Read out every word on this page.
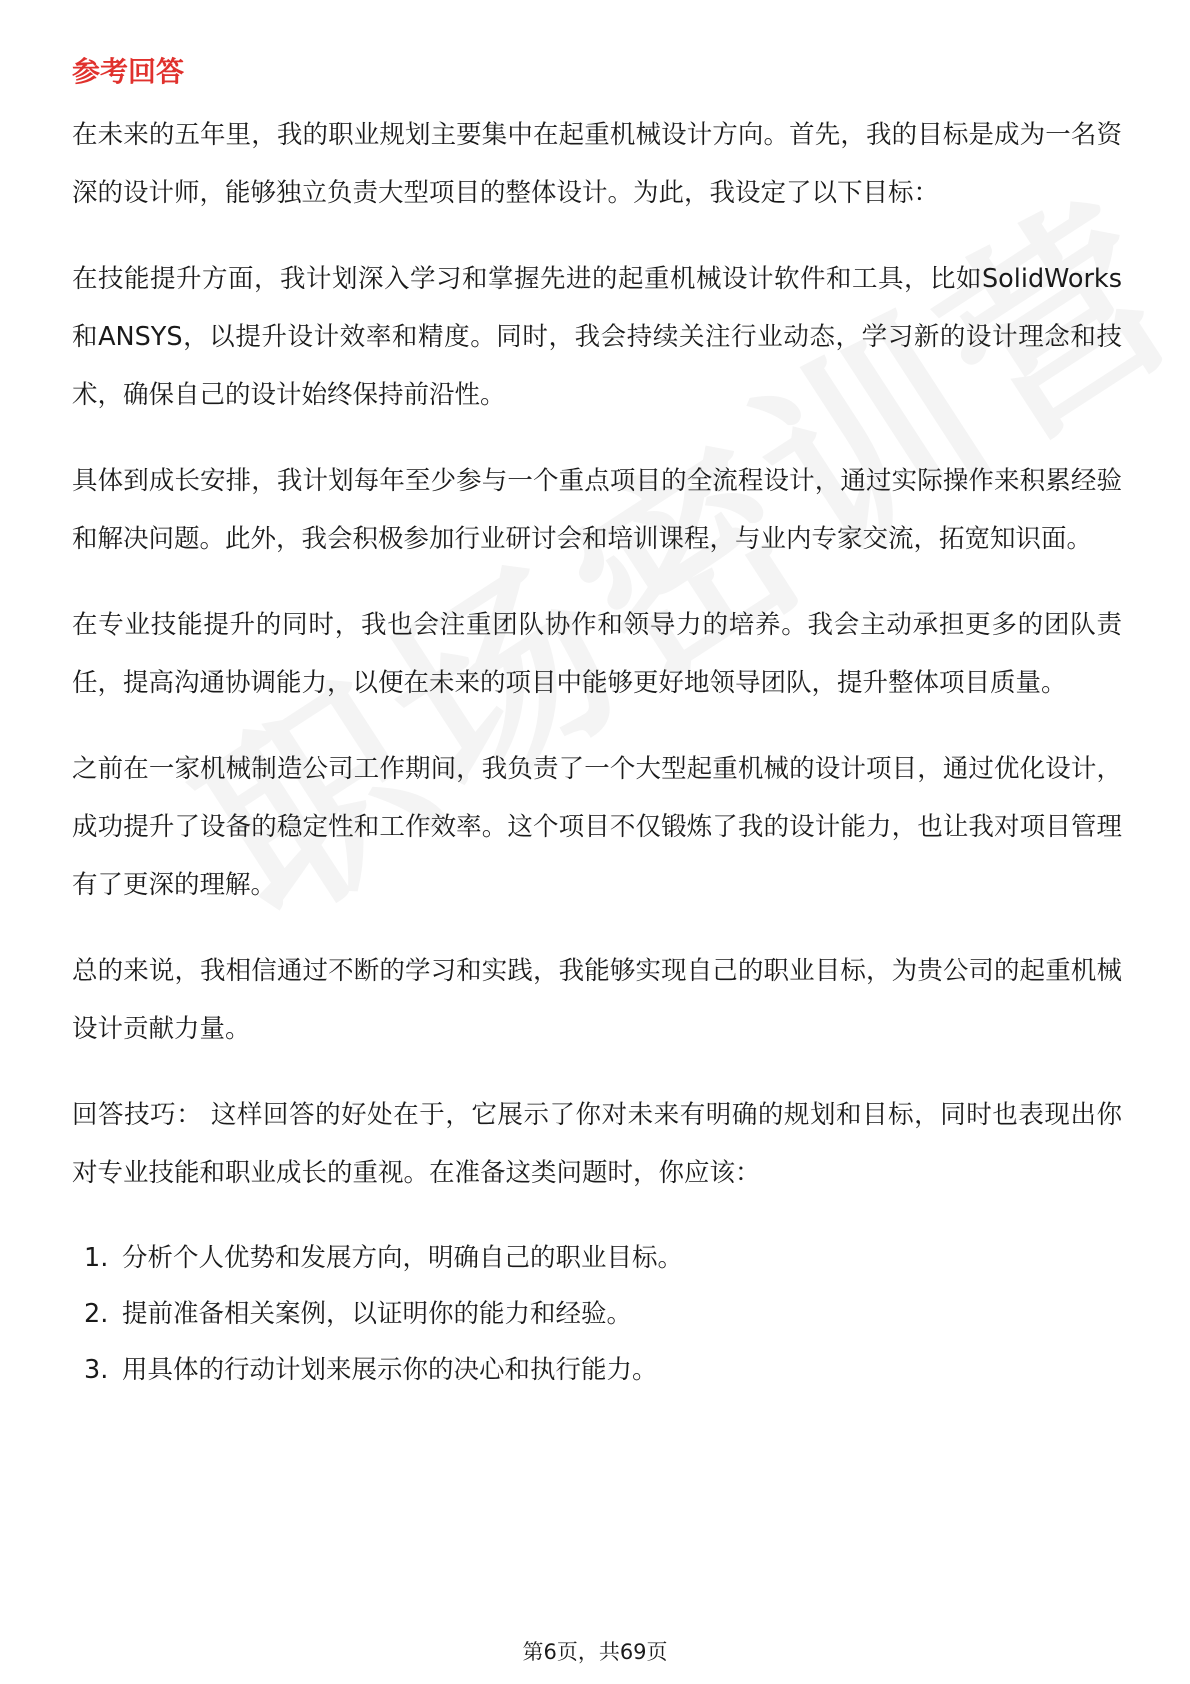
参考回答

在未来的五年里，我的职业规划主要集中在起重机械设计方向。首先，我的目标是成为一名资深的设计师，能够独立负责大型项目的整体设计。为此，我设定了以下目标：

在技能提升方面，我计划深入学习和掌握先进的起重机械设计软件和工具，比如SolidWorks和ANSYS，以提升设计效率和精度。同时，我会持续关注行业动态，学习新的设计理念和技术，确保自己的设计始终保持前沿性。

具体到成长安排，我计划每年至少参与一个重点项目的全流程设计，通过实际操作来积累经验和解决问题。此外，我会积极参加行业研讨会和培训课程，与业内专家交流，拓宽知识面。

在专业技能提升的同时，我也会注重团队协作和领导力的培养。我会主动承担更多的团队责任，提高沟通协调能力，以便在未来的项目中能够更好地领导团队，提升整体项目质量。

之前在一家机械制造公司工作期间，我负责了一个大型起重机械的设计项目，通过优化设计，成功提升了设备的稳定性和工作效率。这个项目不仅锻炼了我的设计能力，也让我对项目管理有了更深的理解。

总的来说，我相信通过不断的学习和实践，我能够实现自己的职业目标，为贵公司的起重机械设计贡献力量。

回答技巧： 这样回答的好处在于，它展示了你对未来有明确的规划和目标，同时也表现出你对专业技能和职业成长的重视。在准备这类问题时，你应该：

1. 分析个人优势和发展方向，明确自己的职业目标。
2. 提前准备相关案例，以证明你的能力和经验。
3. 用具体的行动计划来展示你的决心和执行能力。
第6页，共69页
